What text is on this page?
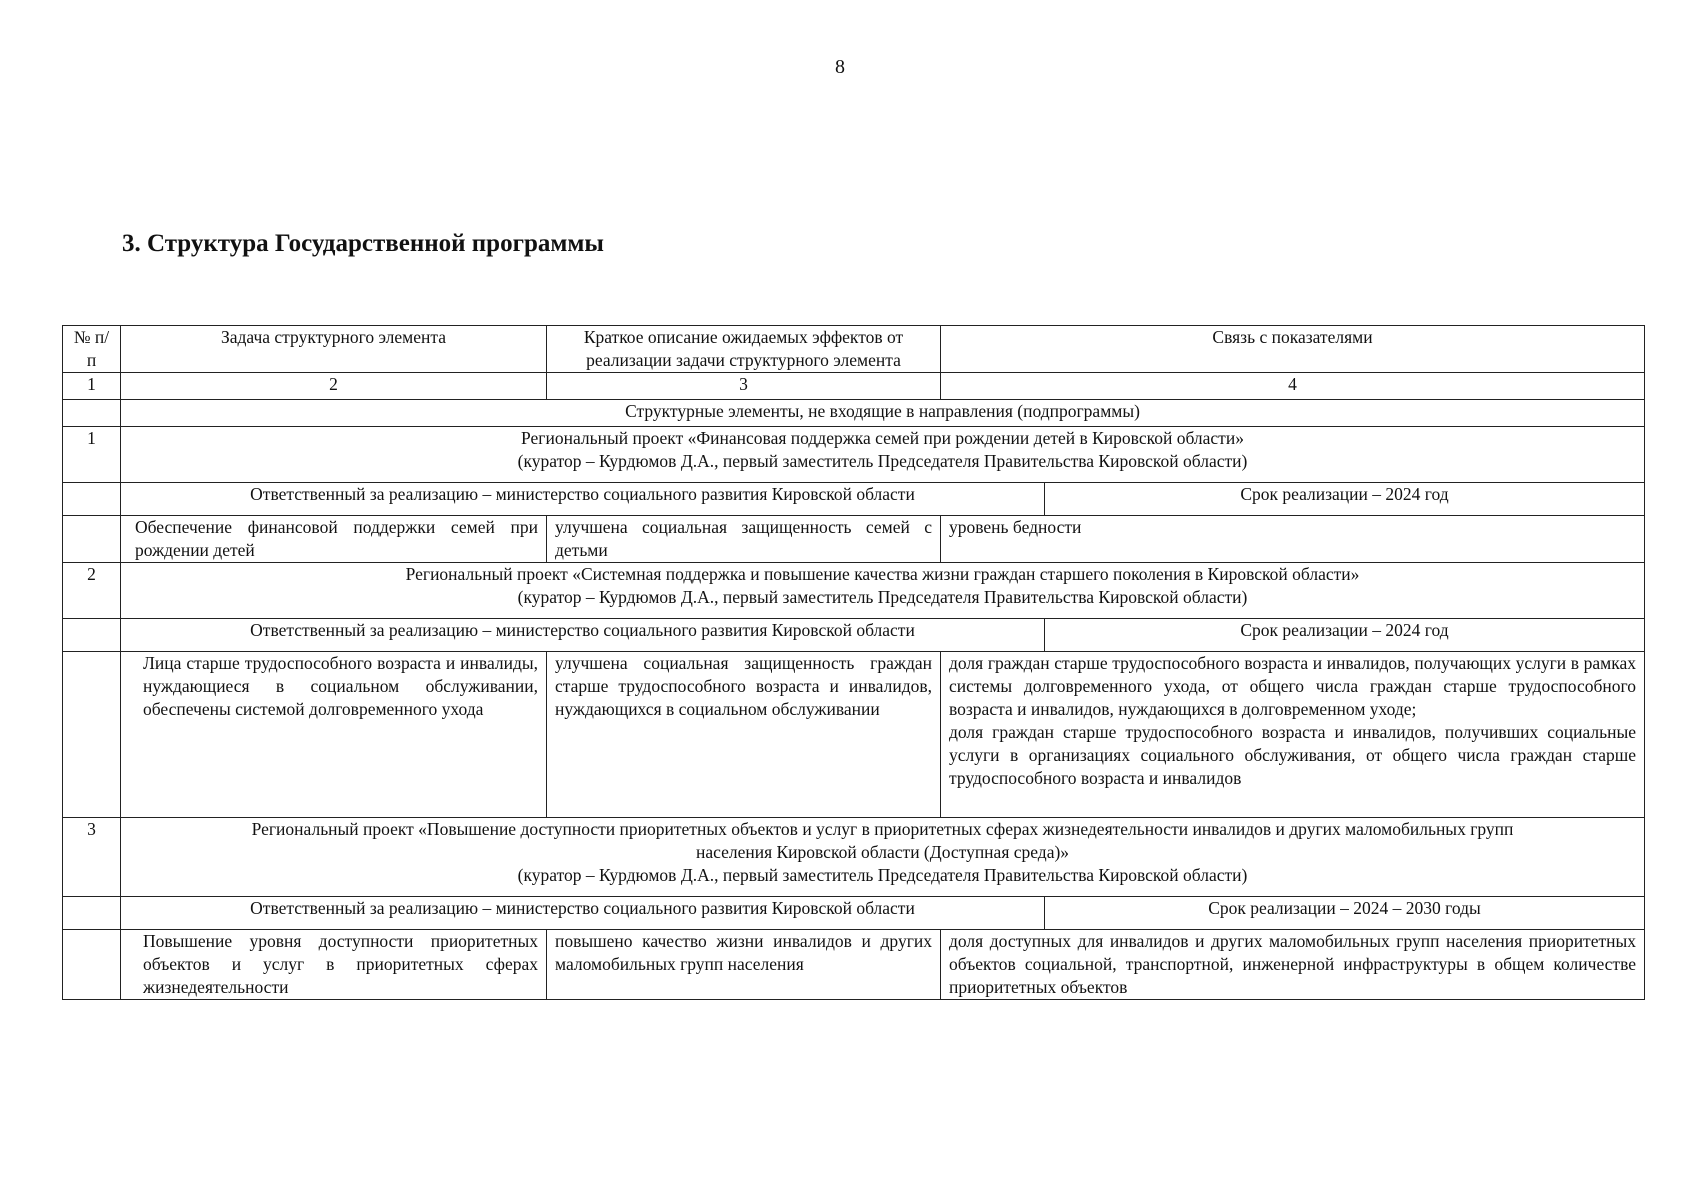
8
3. Структура Государственной программы
№ п/п	Задача структурного элемента	Краткое описание ожидаемых эффектов от реализации задачи структурного элемента	Связь с показателями	
1	2	3	4	
	Структурные элементы, не входящие в направления (подпрограммы)			
1	Региональный проект «Финансовая поддержка семей при рождении детей в Кировской области»
(куратор – Курдюмов Д.А., первый заместитель Председателя Правительства Кировской области)			

	Ответственный за реализацию – министерство социального развития Кировской области			Срок реализации – 2024 год
	Обеспечение финансовой поддержки семей при рождении детей	улучшена социальная защищенность семей с детьми	уровень бедности	

2	Региональный проект «Системная поддержка и повышение качества жизни граждан старшего поколения в Кировской области»
(куратор – Курдюмов Д.А., первый заместитель Председателя Правительства Кировской области)			

	Ответственный за реализацию – министерство социального развития Кировской области			Срок реализации – 2024 год
	Лица старше трудоспособного возраста и инвалиды, нуждающиеся в социальном обслуживании, обеспечены системой долговременного ухода	улучшена социальная защищенность граждан старше трудоспособного возраста и инвалидов, нуждающихся в социальном обслуживании	доля граждан старше трудоспособного возраста и инвалидов, получающих услуги в рамках системы долговременного ухода, от общего числа граждан старше трудоспособного возраста и инвалидов, нуждающихся в долговременном уходе;

доля граждан старше трудоспособного возраста и инвалидов, получивших социальные услуги в организациях социального обслуживания, от общего числа граждан старше трудоспособного возраста и инвалидов	

3	Региональный проект «Повышение доступности приоритетных объектов и услуг в приоритетных сферах жизнедеятельности инвалидов и других маломобильных групп
населения Кировской области (Доступная среда)»
(куратор – Курдюмов Д.А., первый заместитель Председателя Правительства Кировской области)			

	Ответственный за реализацию – министерство социального развития Кировской области			Срок реализации – 2024 – 2030 годы
	Повышение уровня доступности приоритетных объектов и услуг в приоритетных сферах жизнедеятельности	повышено качество жизни инвалидов и других маломобильных групп населения	доля доступных для инвалидов и других маломобильных групп населения приоритетных объектов социальной, транспортной, инженерной инфраструктуры в общем количестве приоритетных объектов	
